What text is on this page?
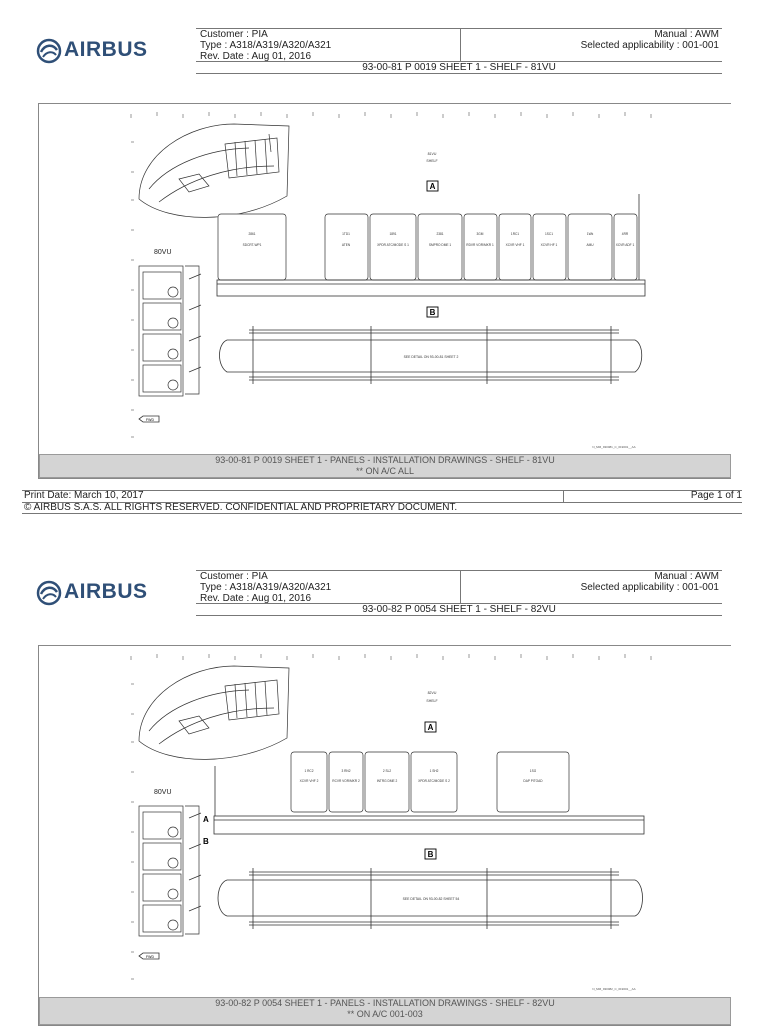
AIRBUS
Customer : PIA
Type : A318/A319/A320/A321
Rev. Date : Aug 01, 2016
Manual : AWM
Selected applicability : 001-001
93-00-81 P 0019 SHEET 1 - SHELF - 81VU
81VU
SHELF
A
2861
SDCRT-WP1
1TD1
ATEN
1891
XPDR ATC/MODE S 1
2381
SMPRO DME 1
3GM
RDVR VOR/MKR 1
1RC1
XCVR VHF 1
1SC1
XCVR HF 1
1Wk
AMU
4RR
XCVR ADF 1
80VU
B
SEE DETAIL ON 93-00-81 SHEET 2
FWD
N_MM_930081_C_019001__AA
93-00-81 P 0019 SHEET 1 - PANELS - INSTALLATION DRAWINGS - SHELF - 81VU
** ON A/C ALL
Print Date: March 10, 2017	Page 1 of 1
© AIRBUS S.A.S. ALL RIGHTS RESERVED. CONFIDENTIAL AND PROPRIETARY DOCUMENT.
AIRBUS
Customer : PIA
Type : A318/A319/A320/A321
Rev. Date : Aug 01, 2016
Manual : AWM
Selected applicability : 001-001
93-00-82 P 0054 SHEET 1 - SHELF - 82VU
82VU
SHELF
A
1 RC2
XCVR VHF 2
3 RN2
RCVR VOR/MKR 2
2 SL2
INTRG DME 2
1 SH2
XPDR ATC/MODE S 2
1SG
DAP PITOAD
A
B
80VU
B
SEE DETAIL ON 93-00-82 SHEET 54
FWD
N_MM_930082_C_019001__AA
93-00-82 P 0054 SHEET 1 - PANELS - INSTALLATION DRAWINGS - SHELF - 82VU
** ON A/C 001-003
